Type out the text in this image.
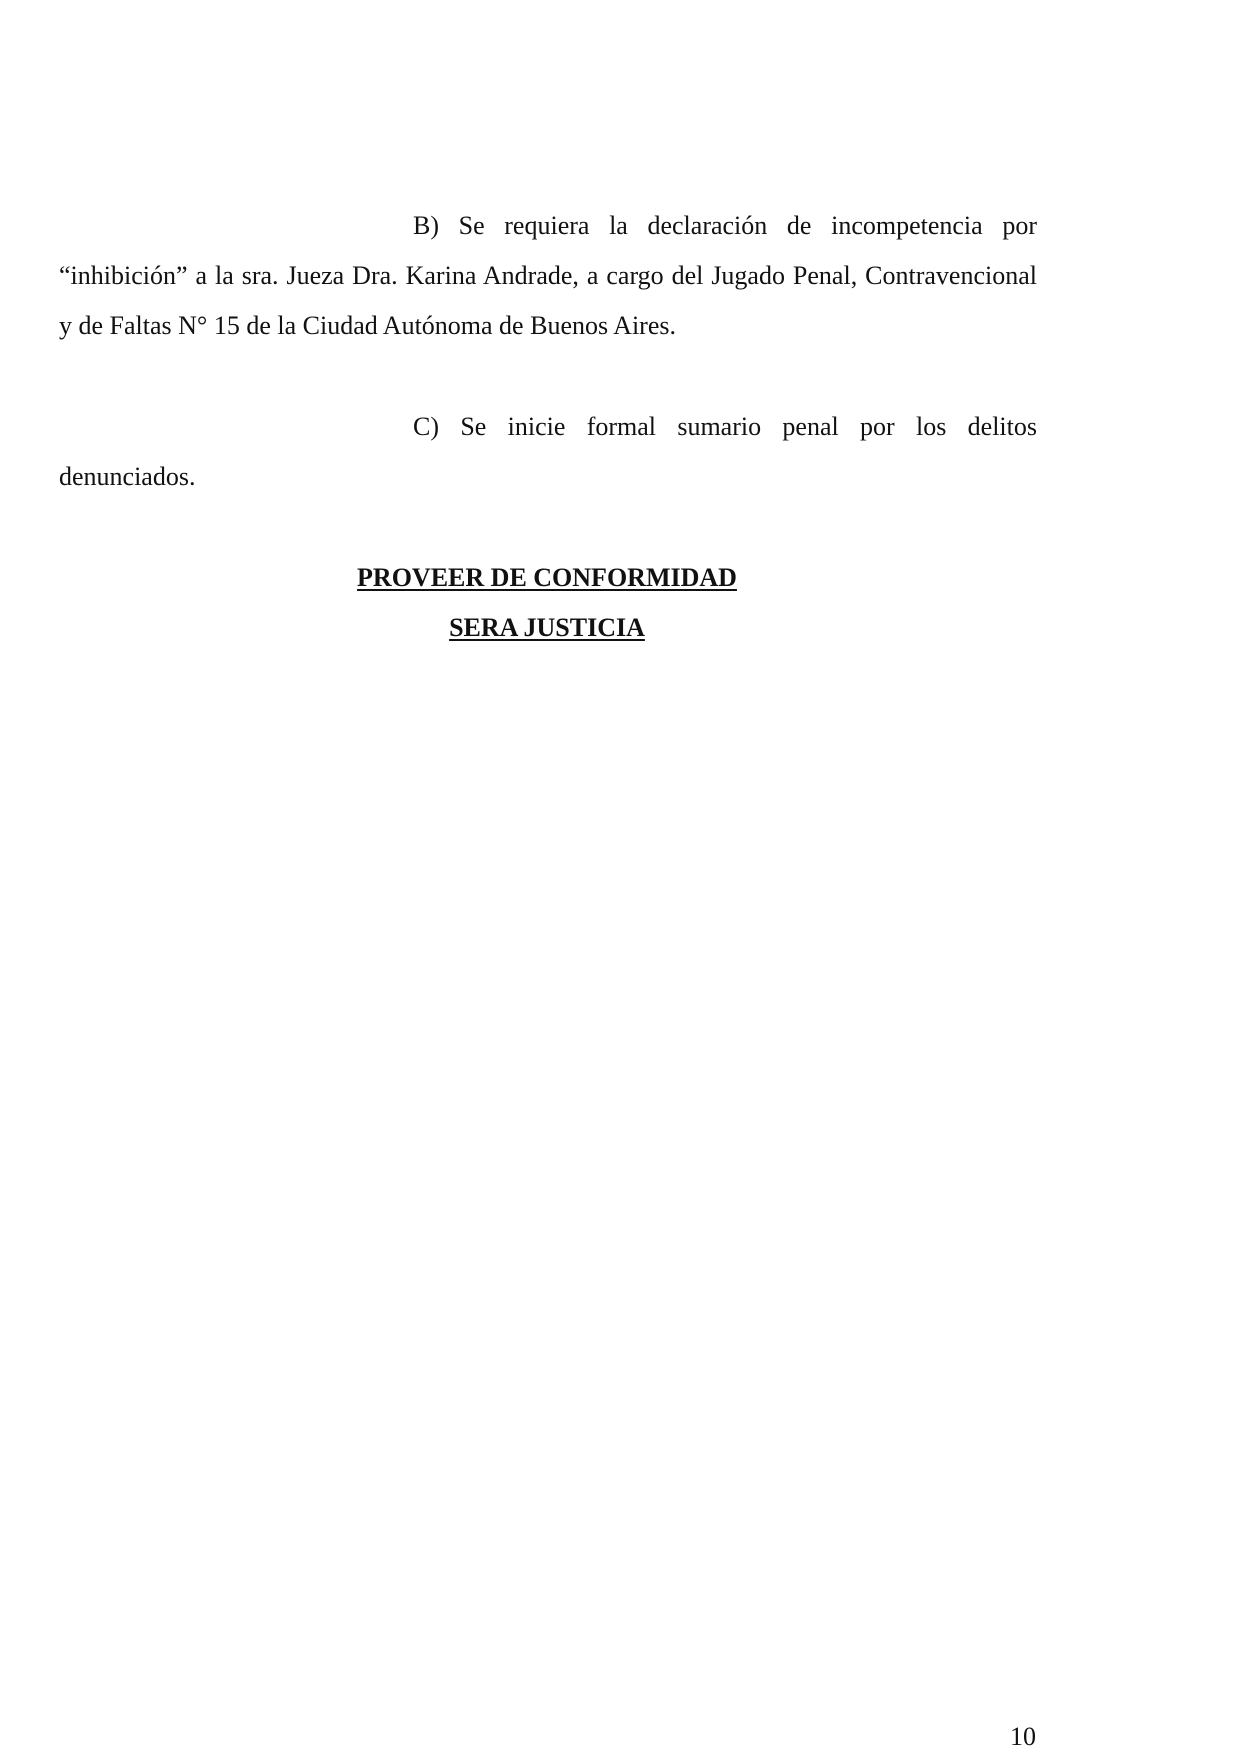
B) Se requiera la declaración de incompetencia por “inhibición” a la sra. Jueza Dra. Karina Andrade, a cargo del Jugado Penal, Contravencional y de Faltas N° 15 de la Ciudad Autónoma de Buenos Aires.

C) Se inicie formal sumario penal por los delitos denunciados.

PROVEER DE CONFORMIDAD
SERA JUSTICIA
10
